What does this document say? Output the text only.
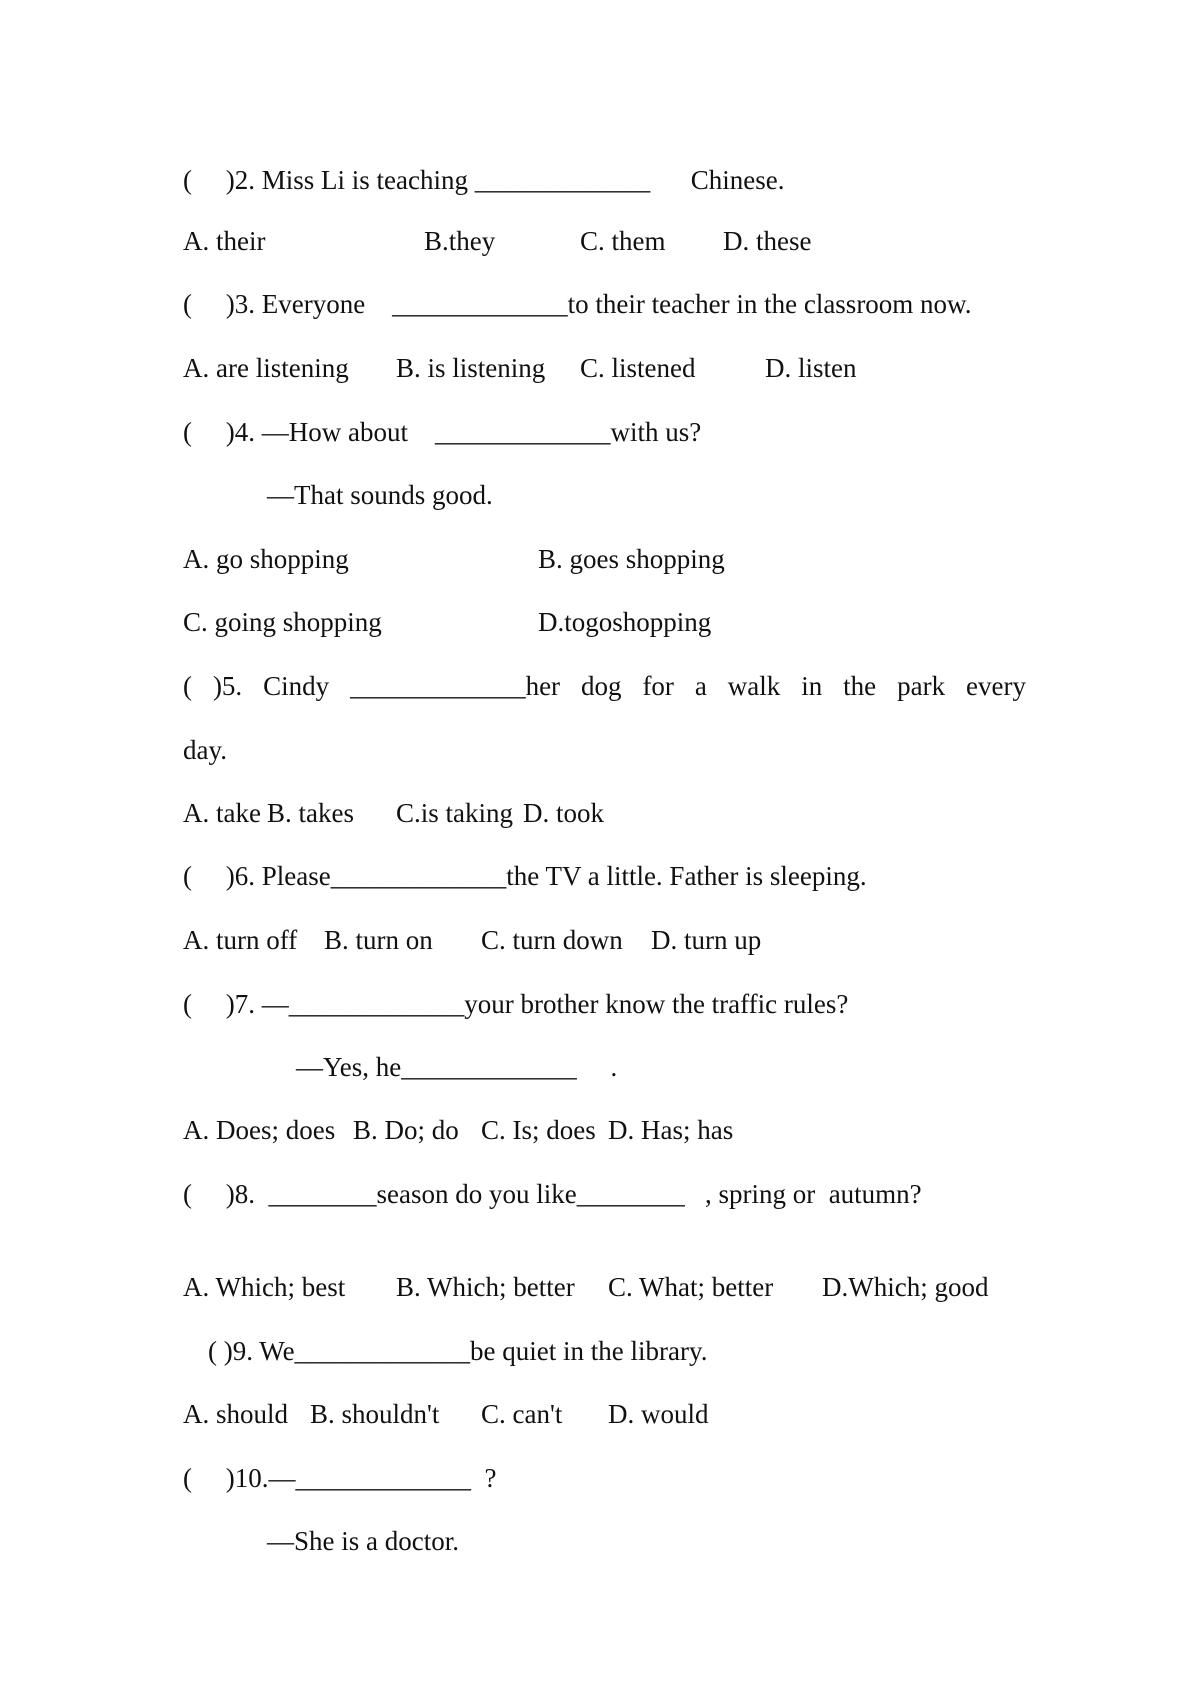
(     )2. Miss Li is teaching _____________      Chinese.
A. their	B.they	C. them D. these
(     )3. Everyone    _____________to their teacher in the classroom now.
A. are listening B. is listening C. listened	D. listen
(     )4. —How about    _____________with us?
—That sounds good.
A. go shopping	B. goes shopping
C. going shopping	D.togoshopping
( )5. Cindy _____________her dog for a walk in the park every
day.
A. take B. takes C.is taking D. took
(     )6. Please_____________the TV a little. Father is sleeping.
A. turn off B. turn on C. turn down D. turn up
(     )7. —_____________your brother know the traffic rules?
—Yes, he_____________     .
A. Does; does B. Do; do C. Is; does D. Has; has
(     )8.  ________season do you like________   , spring or  autumn?
A. Which; best B. Which; better C. What; better D.Which; good
( )9. We_____________be quiet in the library.
A. should B. shouldn't C. can't D. would
(     )10.—_____________  ?
—She is a doctor.
